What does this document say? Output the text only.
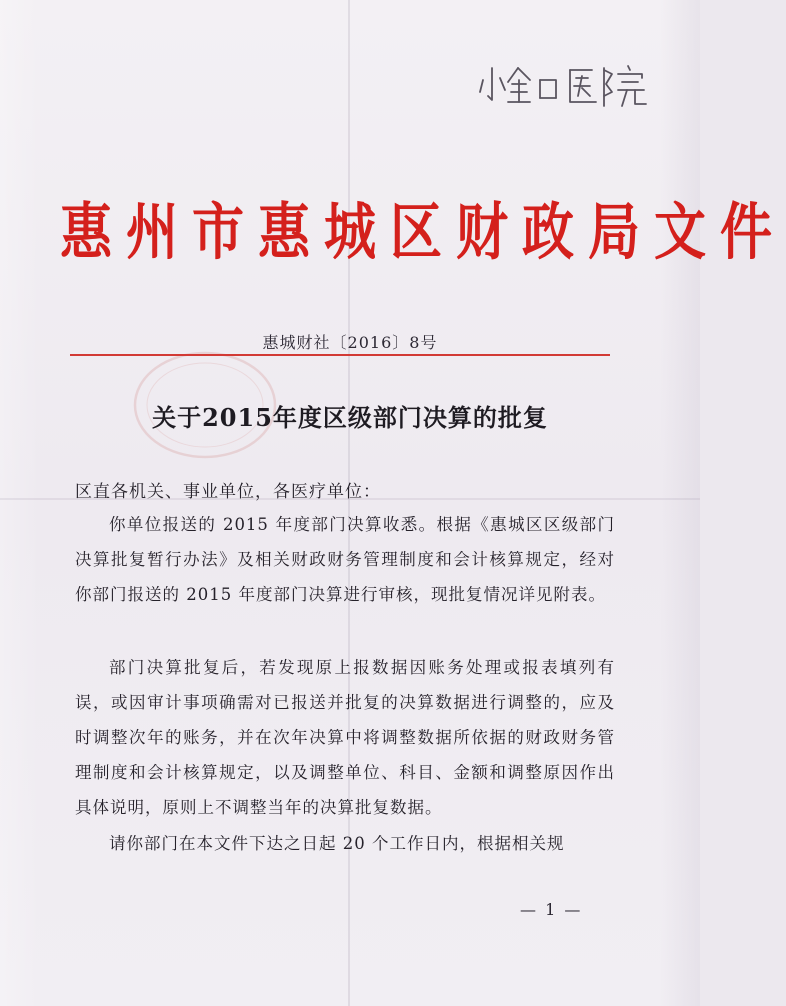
惠州市惠城区财政局文件
惠城财社〔2016〕8号
关于2015年度区级部门决算的批复
区直各机关、事业单位，各医疗单位：
你单位报送的 2015 年度部门决算收悉。根据《惠城区区级部门决算批复暂行办法》及相关财政财务管理制度和会计核算规定，经对你部门报送的 2015 年度部门决算进行审核，现批复情况详见附表。
部门决算批复后，若发现原上报数据因账务处理或报表填列有误，或因审计事项确需对已报送并批复的决算数据进行调整的，应及时调整次年的账务，并在次年决算中将调整数据所依据的财政财务管理制度和会计核算规定，以及调整单位、科目、金额和调整原因作出具体说明，原则上不调整当年的决算批复数据。
请你部门在本文件下达之日起 20 个工作日内，根据相关规
— 1 —
